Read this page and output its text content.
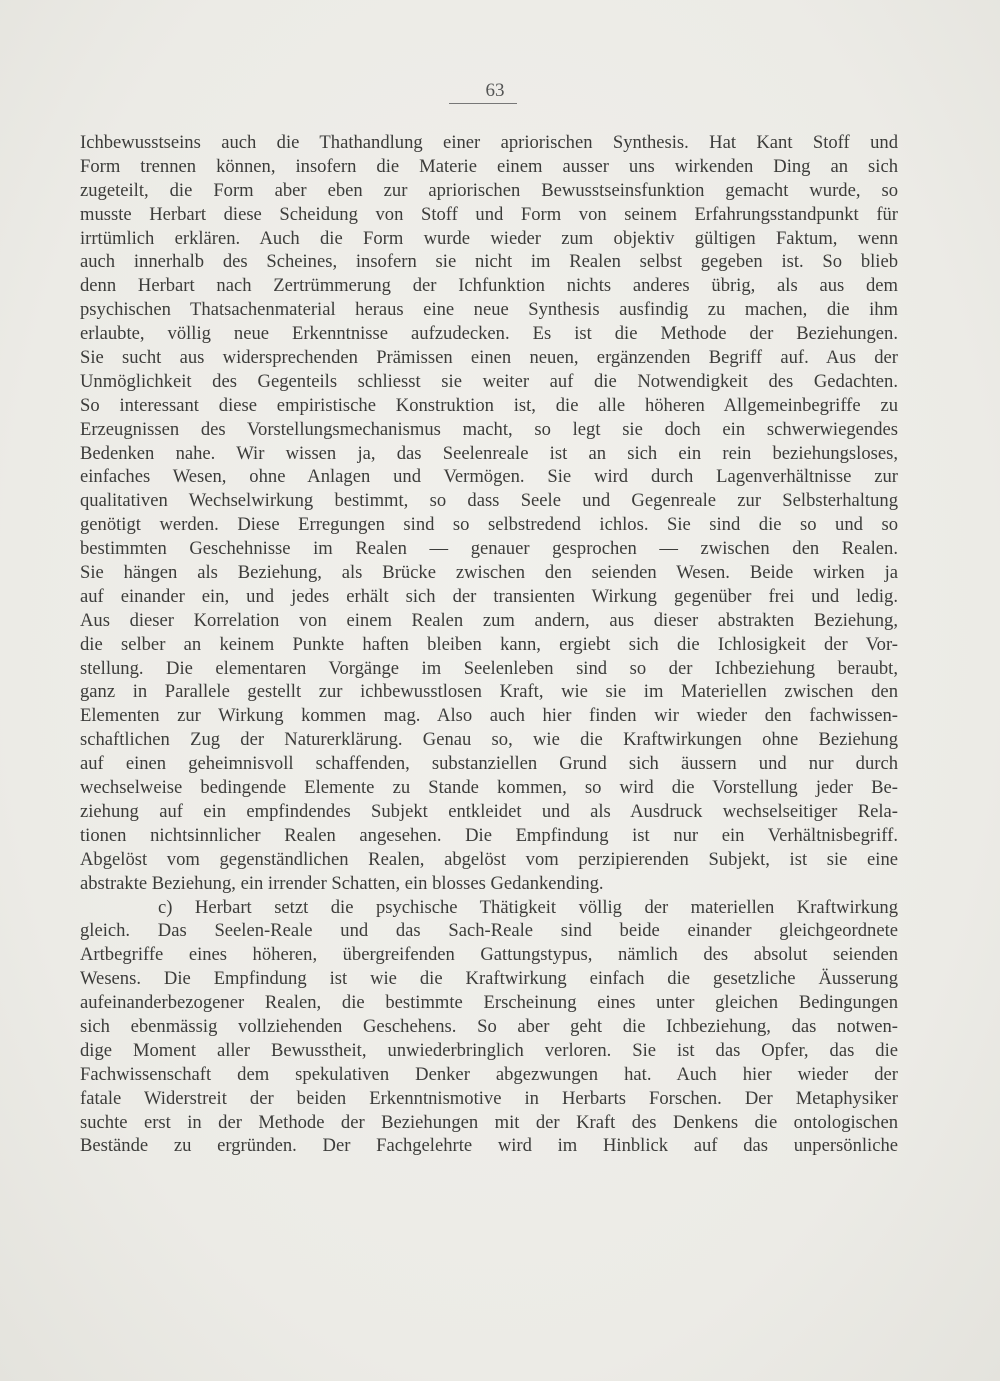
63
Ichbewusstseins auch die Thathandlung einer apriorischen Synthesis. Hat Kant Stoff und
Form trennen können, insofern die Materie einem ausser uns wirkenden Ding an sich
zugeteilt, die Form aber eben zur apriorischen Bewusstseinsfunktion gemacht wurde, so
musste Herbart diese Scheidung von Stoff und Form von seinem Erfahrungsstandpunkt für
irrtümlich erklären. Auch die Form wurde wieder zum objektiv gültigen Faktum, wenn
auch innerhalb des Scheines, insofern sie nicht im Realen selbst gegeben ist. So blieb
denn Herbart nach Zertrümmerung der Ichfunktion nichts anderes übrig, als aus dem
psychischen Thatsachenmaterial heraus eine neue Synthesis ausfindig zu machen, die ihm
erlaubte, völlig neue Erkenntnisse aufzudecken. Es ist die Methode der Beziehungen.
Sie sucht aus widersprechenden Prämissen einen neuen, ergänzenden Begriff auf. Aus der
Unmöglichkeit des Gegenteils schliesst sie weiter auf die Notwendigkeit des Gedachten.
So interessant diese empiristische Konstruktion ist, die alle höheren Allgemeinbegriffe zu
Erzeugnissen des Vorstellungsmechanismus macht, so legt sie doch ein schwerwiegendes
Bedenken nahe. Wir wissen ja, das Seelenreale ist an sich ein rein beziehungsloses,
einfaches Wesen, ohne Anlagen und Vermögen. Sie wird durch Lagenverhältnisse zur
qualitativen Wechselwirkung bestimmt, so dass Seele und Gegenreale zur Selbsterhaltung
genötigt werden. Diese Erregungen sind so selbstredend ichlos. Sie sind die so und so
bestimmten Geschehnisse im Realen — genauer gesprochen — zwischen den Realen.
Sie hängen als Beziehung, als Brücke zwischen den seienden Wesen. Beide wirken ja
auf einander ein, und jedes erhält sich der transienten Wirkung gegenüber frei und ledig.
Aus dieser Korrelation von einem Realen zum andern, aus dieser abstrakten Beziehung,
die selber an keinem Punkte haften bleiben kann, ergiebt sich die Ichlosigkeit der Vor-
stellung. Die elementaren Vorgänge im Seelenleben sind so der Ichbeziehung beraubt,
ganz in Parallele gestellt zur ichbewusstlosen Kraft, wie sie im Materiellen zwischen den
Elementen zur Wirkung kommen mag. Also auch hier finden wir wieder den fachwissen-
schaftlichen Zug der Naturerklärung. Genau so, wie die Kraftwirkungen ohne Beziehung
auf einen geheimnisvoll schaffenden, substanziellen Grund sich äussern und nur durch
wechselweise bedingende Elemente zu Stande kommen, so wird die Vorstellung jeder Be-
ziehung auf ein empfindendes Subjekt entkleidet und als Ausdruck wechselseitiger Rela-
tionen nichtsinnlicher Realen angesehen. Die Empfindung ist nur ein Verhältnisbegriff.
Abgelöst vom gegenständlichen Realen, abgelöst vom perzipierenden Subjekt, ist sie eine
abstrakte Beziehung, ein irrender Schatten, ein blosses Gedankending.
c) Herbart setzt die psychische Thätigkeit völlig der materiellen Kraftwirkung
gleich. Das Seelen-Reale und das Sach-Reale sind beide einander gleichgeordnete
Artbegriffe eines höheren, übergreifenden Gattungstypus, nämlich des absolut seienden
Wesens. Die Empfindung ist wie die Kraftwirkung einfach die gesetzliche Äusserung
aufeinanderbezogener Realen, die bestimmte Erscheinung eines unter gleichen Bedingungen
sich ebenmässig vollziehenden Geschehens. So aber geht die Ichbeziehung, das notwen-
dige Moment aller Bewusstheit, unwiederbringlich verloren. Sie ist das Opfer, das die
Fachwissenschaft dem spekulativen Denker abgezwungen hat. Auch hier wieder der
fatale Widerstreit der beiden Erkenntnismotive in Herbarts Forschen. Der Metaphysiker
suchte erst in der Methode der Beziehungen mit der Kraft des Denkens die ontologischen
Bestände zu ergründen. Der Fachgelehrte wird im Hinblick auf das unpersönliche
